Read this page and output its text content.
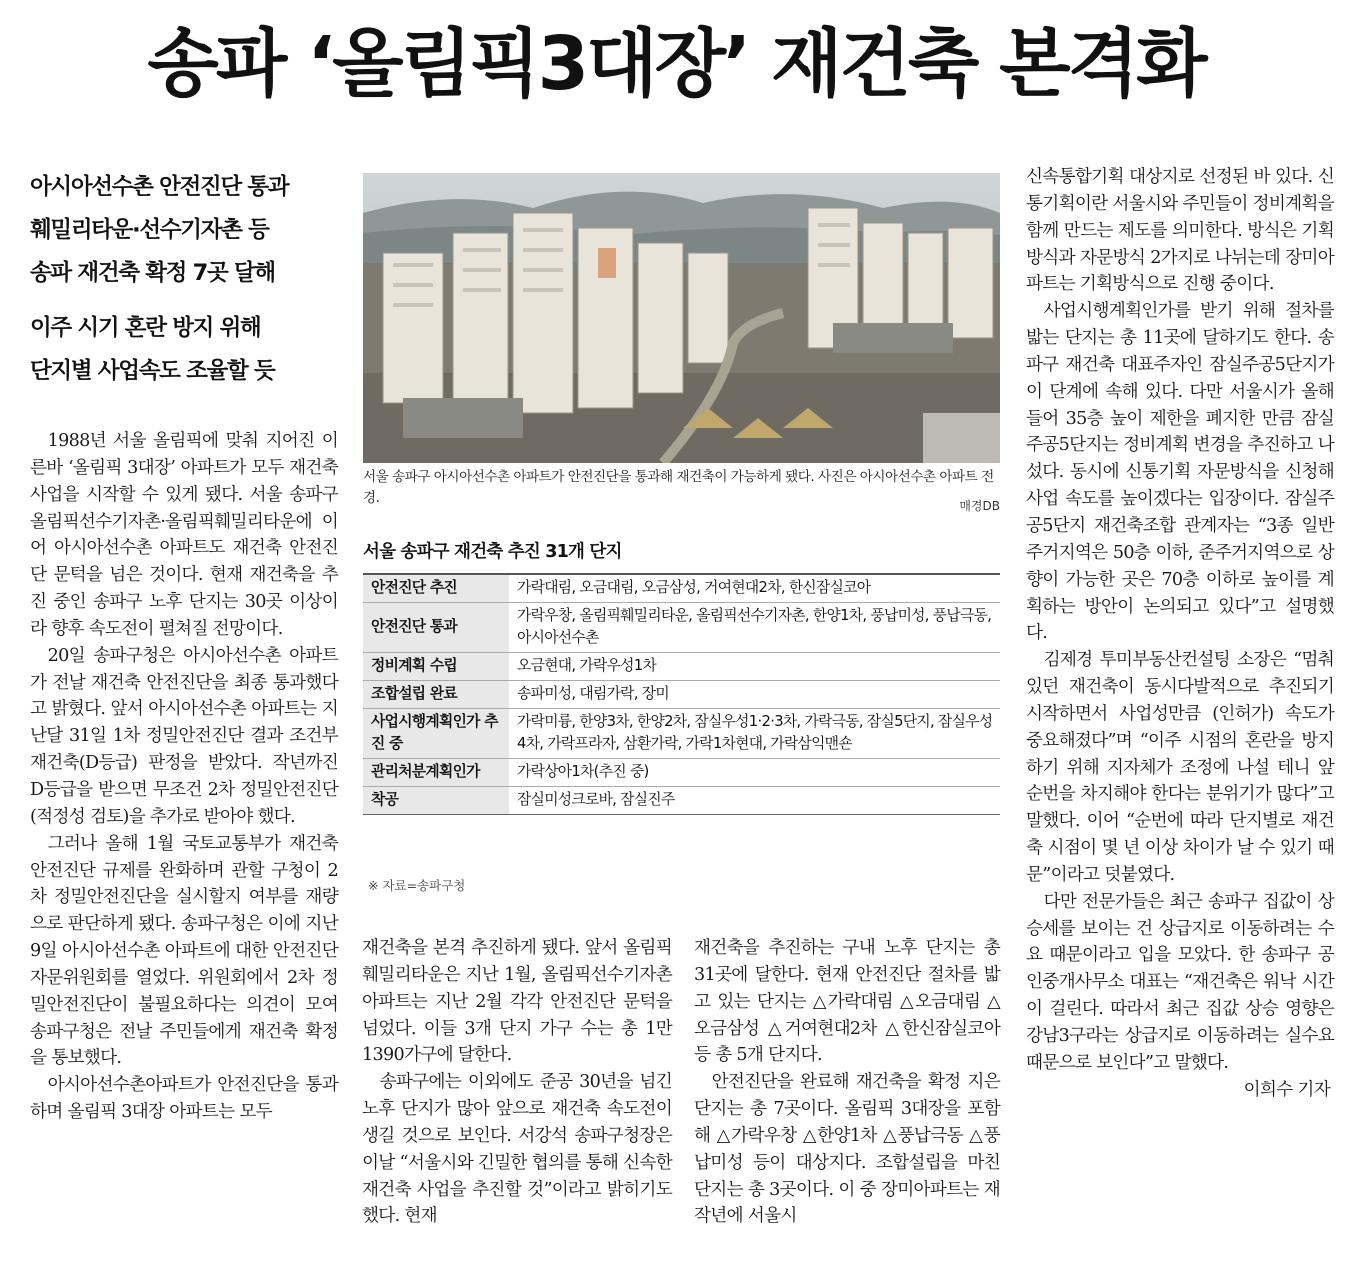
송파 ‘올림픽3대장’ 재건축 본격화
아시아선수촌 안전진단 통과
훼밀리타운·선수기자촌 등
송파 재건축 확정 7곳 달해
이주 시기 혼란 방지 위해
단지별 사업속도 조율할 듯

1988년 서울 올림픽에 맞춰 지어진 이른바 ‘올림픽 3대장’ 아파트가 모두 재건축 사업을 시작할 수 있게 됐다. 서울 송파구 올림픽선수기자촌·올림픽훼밀리타운에 이어 아시아선수촌 아파트도 재건축 안전진단 문턱을 넘은 것이다. 현재 재건축을 추진 중인 송파구 노후 단지는 30곳 이상이라 향후 속도전이 펼쳐질 전망이다.

20일 송파구청은 아시아선수촌 아파트가 전날 재건축 안전진단을 최종 통과했다고 밝혔다. 앞서 아시아선수촌 아파트는 지난달 31일 1차 정밀안전진단 결과 조건부 재건축(D등급) 판정을 받았다. 작년까진 D등급을 받으면 무조건 2차 정밀안전진단(적정성 검토)을 추가로 받아야 했다.

그러나 올해 1월 국토교통부가 재건축 안전진단 규제를 완화하며 관할 구청이 2차 정밀안전진단을 실시할지 여부를 재량으로 판단하게 됐다. 송파구청은 이에 지난 9일 아시아선수촌 아파트에 대한 안전진단 자문위원회를 열었다. 위원회에서 2차 정밀안전진단이 불필요하다는 의견이 모여 송파구청은 전날 주민들에게 재건축 확정을 통보했다.

아시아선수촌아파트가 안전진단을 통과하며 올림픽 3대장 아파트는 모두

서울 송파구 아시아선수촌 아파트가 안전진단을 통과해 재건축이 가능하게 됐다. 사진은 아시아선수촌 아파트 전경.	매경DB
서울 송파구 재건축 추진 31개 단지
안전진단 추진	가락대림, 오금대림, 오금삼성, 거여현대2차, 한신잠실코아
안전진단 통과	가락우창, 올림픽훼밀리타운, 올림픽선수기자촌, 한양1차, 풍납미성, 풍납극동, 아시아선수촌
정비계획 수립	오금현대, 가락우성1차
조합설립 완료	송파미성, 대림가락, 장미
사업시행계획인가 추진 중	가락미륭, 한양3차, 한양2차, 잠실우성1·2·3차, 가락극동, 잠실5단지, 잠실우성4차, 가락프라자, 삼환가락, 가락1차현대, 가락삼익맨숀
관리처분계획인가	가락상아1차(추진 중)
착공	잠실미성크로바, 잠실진주
※ 자료=송파구청

재건축을 본격 추진하게 됐다. 앞서 올림픽훼밀리타운은 지난 1월, 올림픽선수기자촌 아파트는 지난 2월 각각 안전진단 문턱을 넘었다. 이들 3개 단지 가구 수는 총 1만1390가구에 달한다.

송파구에는 이외에도 준공 30년을 넘긴 노후 단지가 많아 앞으로 재건축 속도전이 생길 것으로 보인다. 서강석 송파구청장은 이날 “서울시와 긴밀한 협의를 통해 신속한 재건축 사업을 추진할 것”이라고 밝히기도 했다. 현재

재건축을 추진하는 구내 노후 단지는 총 31곳에 달한다. 현재 안전진단 절차를 밟고 있는 단지는 △가락대림 △오금대림 △오금삼성 △거여현대2차 △한신잠실코아 등 총 5개 단지다.

안전진단을 완료해 재건축을 확정 지은 단지는 총 7곳이다. 올림픽 3대장을 포함해 △가락우창 △한양1차 △풍납극동 △풍납미성 등이 대상지다. 조합설립을 마친 단지는 총 3곳이다. 이 중 장미아파트는 재작년에 서울시

신속통합기획 대상지로 선정된 바 있다. 신통기획이란 서울시와 주민들이 정비계획을 함께 만드는 제도를 의미한다. 방식은 기획방식과 자문방식 2가지로 나뉘는데 장미아파트는 기획방식으로 진행 중이다.

사업시행계획인가를 받기 위해 절차를 밟는 단지는 총 11곳에 달하기도 한다. 송파구 재건축 대표주자인 잠실주공5단지가 이 단계에 속해 있다. 다만 서울시가 올해 들어 35층 높이 제한을 폐지한 만큼 잠실주공5단지는 정비계획 변경을 추진하고 나섰다. 동시에 신통기획 자문방식을 신청해 사업 속도를 높이겠다는 입장이다. 잠실주공5단지 재건축조합 관계자는 “3종 일반주거지역은 50층 이하, 준주거지역으로 상향이 가능한 곳은 70층 이하로 높이를 계획하는 방안이 논의되고 있다”고 설명했다.

김제경 투미부동산컨설팅 소장은 “멈춰 있던 재건축이 동시다발적으로 추진되기 시작하면서 사업성만큼 (인허가) 속도가 중요해졌다”며 “이주 시점의 혼란을 방지하기 위해 지자체가 조정에 나설 테니 앞 순번을 차지해야 한다는 분위기가 많다”고 말했다. 이어 “순번에 따라 단지별로 재건축 시점이 몇 년 이상 차이가 날 수 있기 때문”이라고 덧붙였다.

다만 전문가들은 최근 송파구 집값이 상승세를 보이는 건 상급지로 이동하려는 수요 때문이라고 입을 모았다. 한 송파구 공인중개사무소 대표는 “재건축은 워낙 시간이 걸린다. 따라서 최근 집값 상승 영향은 강남3구라는 상급지로 이동하려는 실수요 때문으로 보인다”고 말했다.
이희수 기자
